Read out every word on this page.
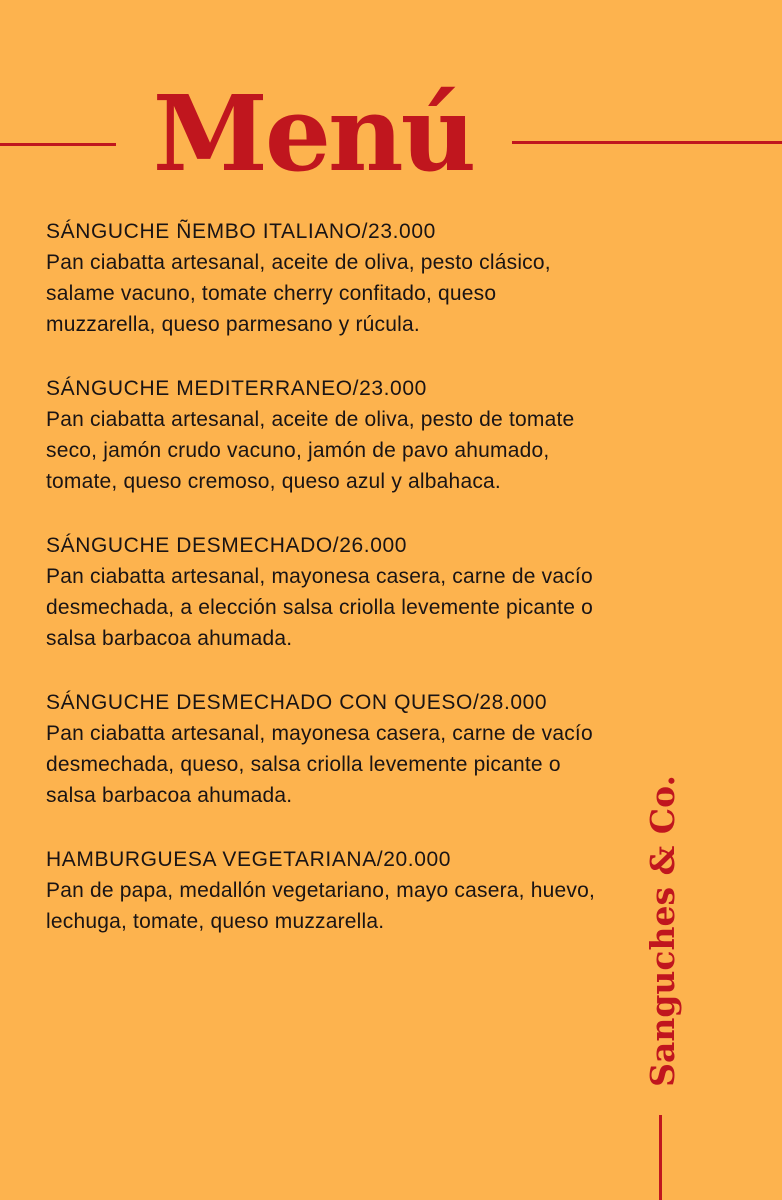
Menú
SÁNGUCHE ÑEMBO ITALIANO/23.000
Pan ciabatta artesanal, aceite de oliva, pesto clásico,
salame vacuno, tomate cherry confitado, queso
muzzarella, queso parmesano y rúcula.
SÁNGUCHE MEDITERRANEO/23.000
Pan ciabatta artesanal, aceite de oliva, pesto de tomate
seco, jamón crudo vacuno, jamón de pavo ahumado,
tomate, queso cremoso, queso azul y albahaca.
SÁNGUCHE DESMECHADO/26.000
Pan ciabatta artesanal, mayonesa casera, carne de vacío
desmechada, a elección salsa criolla levemente picante o
salsa barbacoa ahumada.
SÁNGUCHE DESMECHADO CON QUESO/28.000
Pan ciabatta artesanal, mayonesa casera, carne de vacío
desmechada, queso, salsa criolla levemente picante o
salsa barbacoa ahumada.
HAMBURGUESA VEGETARIANA/20.000
Pan de papa, medallón vegetariano, mayo casera, huevo,
lechuga, tomate, queso muzzarella.	Sanguches & Co.
